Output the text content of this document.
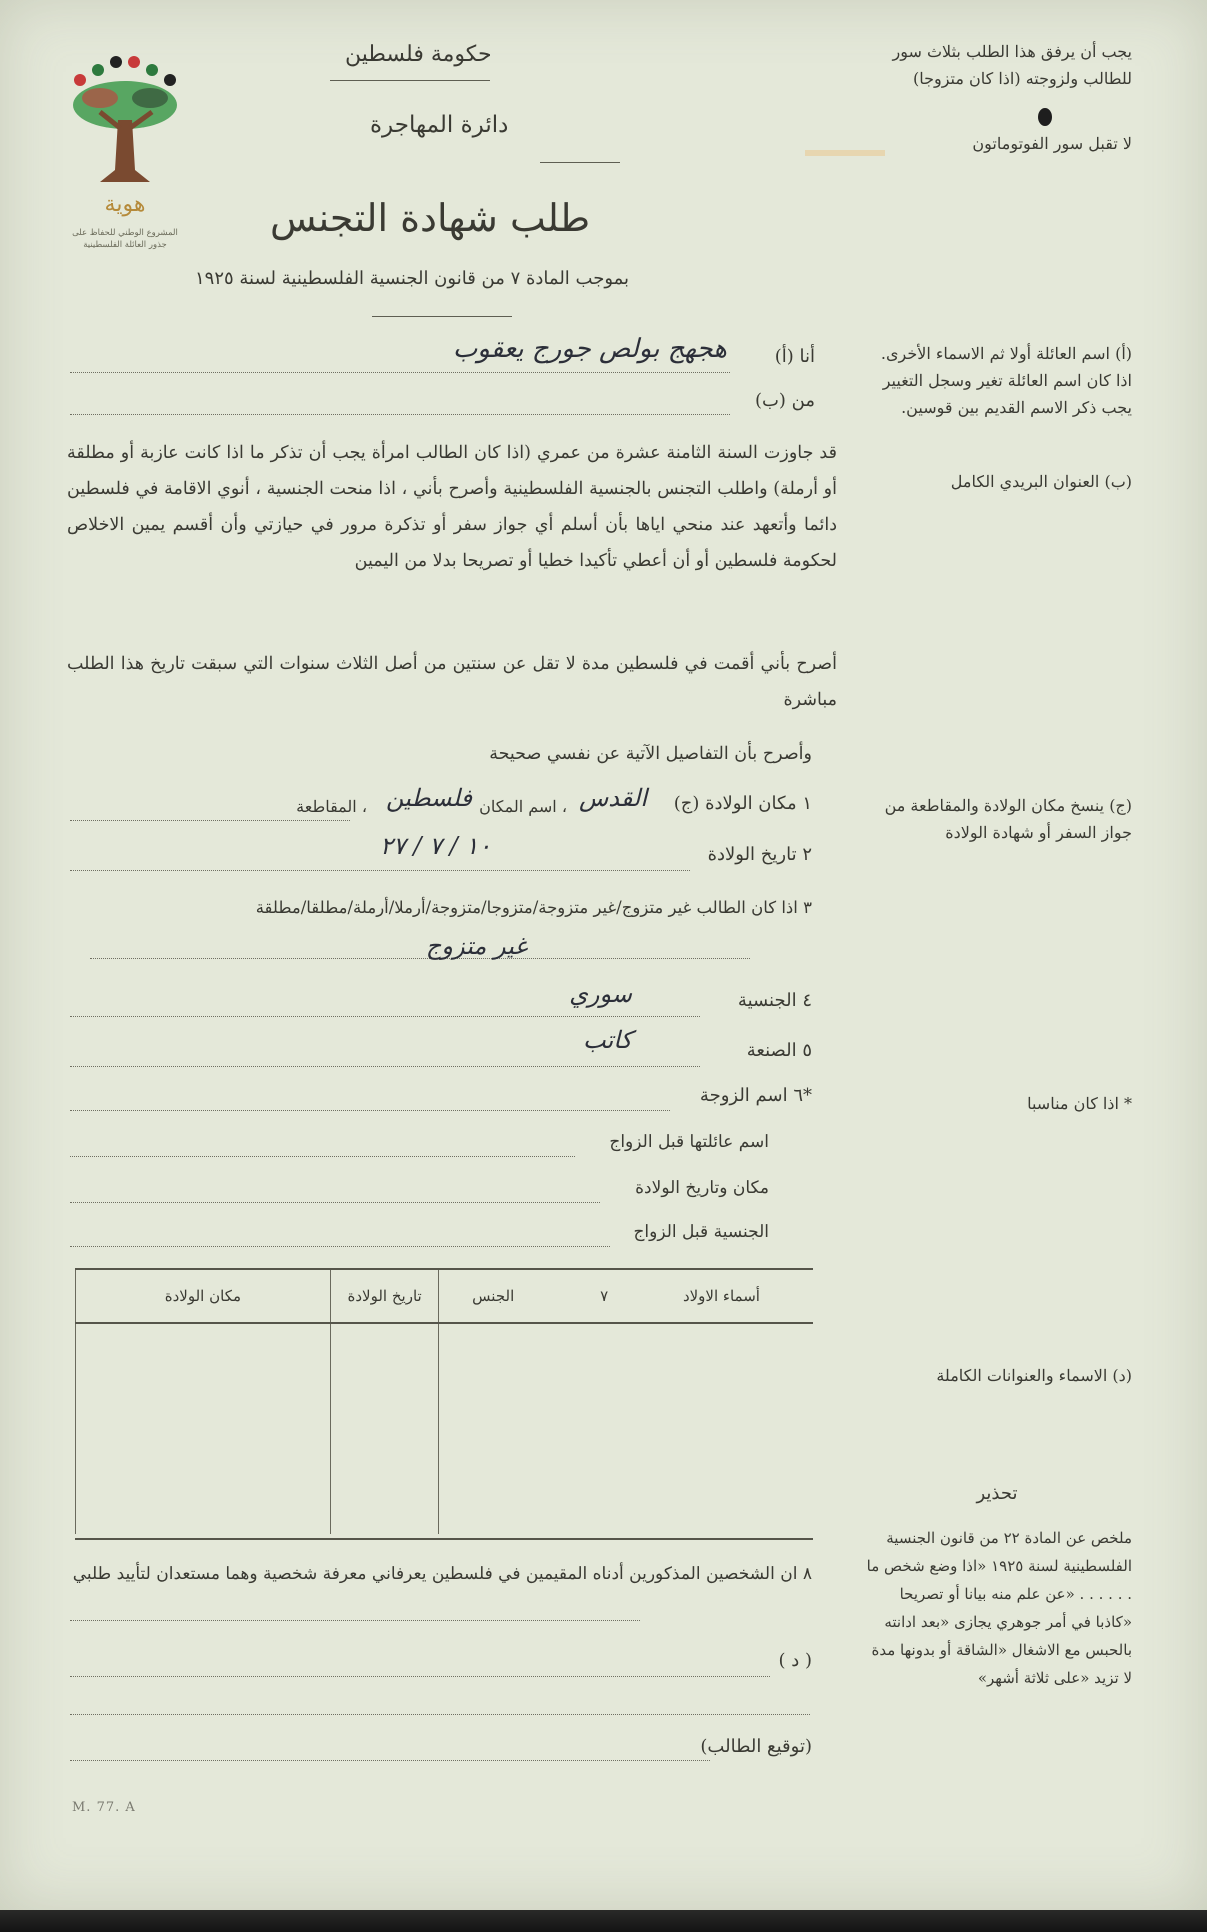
هوية
المشروع الوطني للحفاظ على
جذور العائلة الفلسطينية
حكومة فلسطين
دائرة المهاجرة
طلب شهادة التجنس
بموجب المادة ٧ من قانون الجنسية الفلسطينية لسنة ١٩٢٥
يجب أن يرفق هذا الطلب بثلاث سور للطالب ولزوجته (اذا كان متزوجا)
لا تقبل سور الفوتوماتون
(أ) اسم العائلة أولا ثم الاسماء الأخرى. اذا كان اسم العائلة تغير وسجل التغيير يجب ذكر الاسم القديم بين قوسين.
(ب) العنوان البريدي الكامل
(ج) ينسخ مكان الولادة والمقاطعة من جواز السفر أو شهادة الولادة
* اذا كان مناسبا
(د) الاسماء والعنوانات الكاملة
تحذير
ملخص عن المادة ٢٢ من قانون الجنسية الفلسطينية لسنة ١٩٢٥ «اذا وضع شخص ما . . . . . . «عن علم منه بيانا أو تصريحا «كاذبا في أمر جوهري يجازى «بعد ادانته بالحبس مع الاشغال «الشاقة أو بدونها مدة لا تزيد «على ثلاثة أشهر»
أنا (أ)
هجهج بولص جورج يعقوب
من (ب)
قد جاوزت السنة الثامنة عشرة من عمري (اذا كان الطالب امرأة يجب أن تذكر ما اذا كانت عازبة أو مطلقة أو أرملة) واطلب التجنس بالجنسية الفلسطينية وأصرح بأني ، اذا منحت الجنسية ، أنوي الاقامة في فلسطين دائما وأتعهد عند منحي اياها بأن أسلم أي جواز سفر أو تذكرة مرور في حيازتي وأن أقسم يمين الاخلاص لحكومة فلسطين أو أن أعطي تأكيدا خطيا أو تصريحا بدلا من اليمين
أصرح بأني أقمت في فلسطين مدة لا تقل عن سنتين من أصل الثلاث سنوات التي سبقت تاريخ هذا الطلب مباشرة
وأصرح بأن التفاصيل الآتية عن نفسي صحيحة
١ مكان الولادة (ج)
القدس
، اسم المكان
فلسطين
، المقاطعة
٢ تاريخ الولادة
١٠ / ٧ / ٢٧
٣ اذا كان الطالب غير متزوج/غير متزوجة/متزوجا/متزوجة/أرملا/أرملة/مطلقا/مطلقة
غير متزوج
٤ الجنسية
سوري
٥ الصنعة
كاتب
*٦ اسم الزوجة
اسم عائلتها قبل الزواج
مكان وتاريخ الولادة
الجنسية قبل الزواج
مكان الولادة	تاريخ الولادة	الجنس	أسماء الاولاد ٧

٨ ان الشخصين المذكورين أدناه المقيمين في فلسطين يعرفاني معرفة شخصية وهما مستعدان لتأييد طلبي
( د )
(توقيع الطالب)
M. 77. A
